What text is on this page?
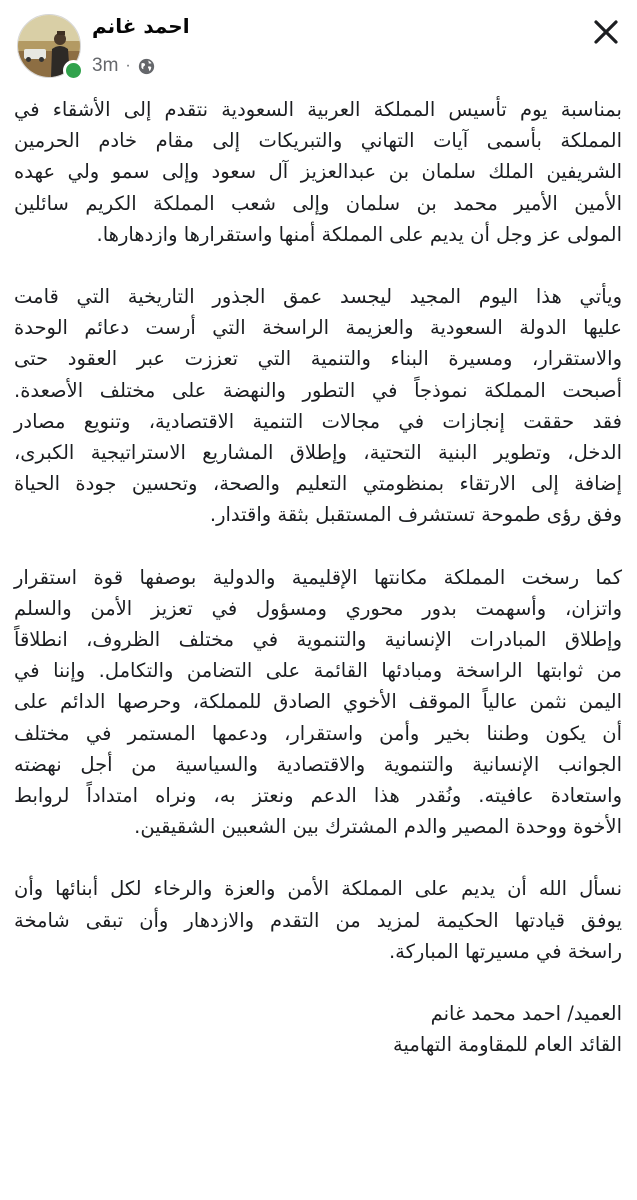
احمد غانم
3m ·
بمناسبة يوم تأسيس المملكة العربية السعودية نتقدم إلى الأشقاء في
المملكة بأسمى آيات التهاني والتبريكات إلى مقام خادم الحرمين
الشريفين الملك سلمان بن عبدالعزيز آل سعود وإلى سمو ولي عهده
الأمين الأمير محمد بن سلمان وإلى شعب المملكة الكريم سائلين
المولى عز وجل أن يديم على المملكة أمنها واستقرارها وازدهارها.
ويأتي هذا اليوم المجيد ليجسد عمق الجذور التاريخية التي قامت
عليها الدولة السعودية والعزيمة الراسخة التي أرست دعائم الوحدة
والاستقرار، ومسيرة البناء والتنمية التي تعززت عبر العقود حتى
أصبحت المملكة نموذجاً في التطور والنهضة على مختلف الأصعدة.
فقد حققت إنجازات في مجالات التنمية الاقتصادية، وتنويع مصادر
الدخل، وتطوير البنية التحتية، وإطلاق المشاريع الاستراتيجية الكبرى،
إضافة إلى الارتقاء بمنظومتي التعليم والصحة، وتحسين جودة الحياة
وفق رؤى طموحة تستشرف المستقبل بثقة واقتدار.
كما رسخت المملكة مكانتها الإقليمية والدولية بوصفها قوة استقرار
واتزان، وأسهمت بدور محوري ومسؤول في تعزيز الأمن والسلم
وإطلاق المبادرات الإنسانية والتنموية في مختلف الظروف، انطلاقاً
من ثوابتها الراسخة ومبادئها القائمة على التضامن والتكامل. وإننا في
اليمن نثمن عالياً الموقف الأخوي الصادق للمملكة، وحرصها الدائم على
أن يكون وطننا بخير وأمن واستقرار، ودعمها المستمر في مختلف
الجوانب الإنسانية والتنموية والاقتصادية والسياسية من أجل نهضته
واستعادة عافيته. ونُقدر هذا الدعم ونعتز به، ونراه امتداداً لروابط
الأخوة ووحدة المصير والدم المشترك بين الشعبين الشقيقين.
نسأل الله أن يديم على المملكة الأمن والعزة والرخاء لكل أبنائها وأن
يوفق قيادتها الحكيمة لمزيد من التقدم والازدهار وأن تبقى شامخة
راسخة في مسيرتها المباركة.
العميد/ احمد محمد غانم
القائد العام للمقاومة التهامية
